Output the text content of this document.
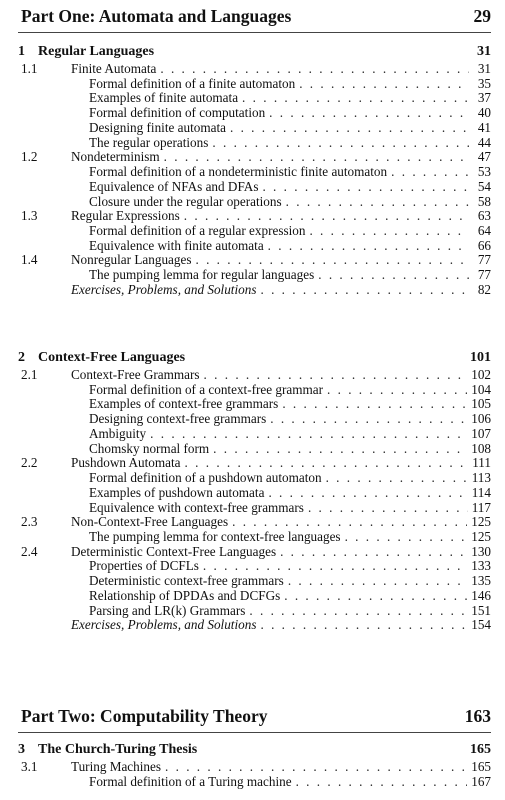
Part One: Automata and Languages	29
1 Regular Languages	31
1.1	Finite Automata . . .	31
Formal definition of a finite automaton . . .	35
Examples of finite automata . . .	37
Formal definition of computation . . .	40
Designing finite automata . . .	41
The regular operations . . .	44
1.2	Nondeterminism . . .	47
Formal definition of a nondeterministic finite automaton . . .	53
Equivalence of NFAs and DFAs . . .	54
Closure under the regular operations . . .	58
1.3	Regular Expressions . . .	63
Formal definition of a regular expression . . .	64
Equivalence with finite automata . . .	66
1.4	Nonregular Languages . . .	77
The pumping lemma for regular languages . . .	77
Exercises, Problems, and Solutions . . .	82
2 Context-Free Languages	101
2.1	Context-Free Grammars . . .	102
Formal definition of a context-free grammar . . .	104
Examples of context-free grammars . . .	105
Designing context-free grammars . . .	106
Ambiguity . . .	107
Chomsky normal form . . .	108
2.2	Pushdown Automata . . .	111
Formal definition of a pushdown automaton . . .	113
Examples of pushdown automata . . .	114
Equivalence with context-free grammars . . .	117
2.3	Non-Context-Free Languages . . .	125
The pumping lemma for context-free languages . . .	125
2.4	Deterministic Context-Free Languages . . .	130
Properties of DCFLs . . .	133
Deterministic context-free grammars . . .	135
Relationship of DPDAs and DCFGs . . .	146
Parsing and LR(k) Grammars . . .	151
Exercises, Problems, and Solutions . . .	154
Part Two: Computability Theory	163
3 The Church-Turing Thesis	165
3.1	Turing Machines . . .	165
Formal definition of a Turing machine . . .	167
